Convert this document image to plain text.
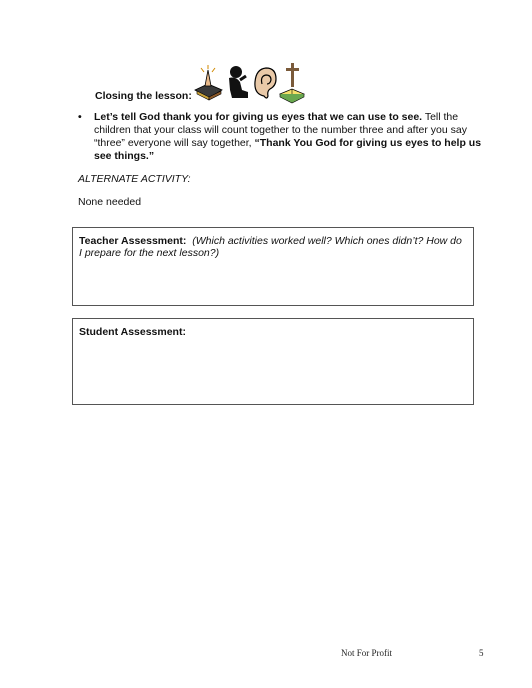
Closing the lesson:
• Let’s tell God thank you for giving us eyes that we can use to see. Tell the children that your class will count together to the number three and after you say “three” everyone will say together, “Thank You God for giving us eyes to help us see things.”
ALTERNATE ACTIVITY:
None needed
Teacher Assessment: (Which activities worked well? Which ones didn’t? How do I prepare for the next lesson?)
Student Assessment:
Not For Profit	5
